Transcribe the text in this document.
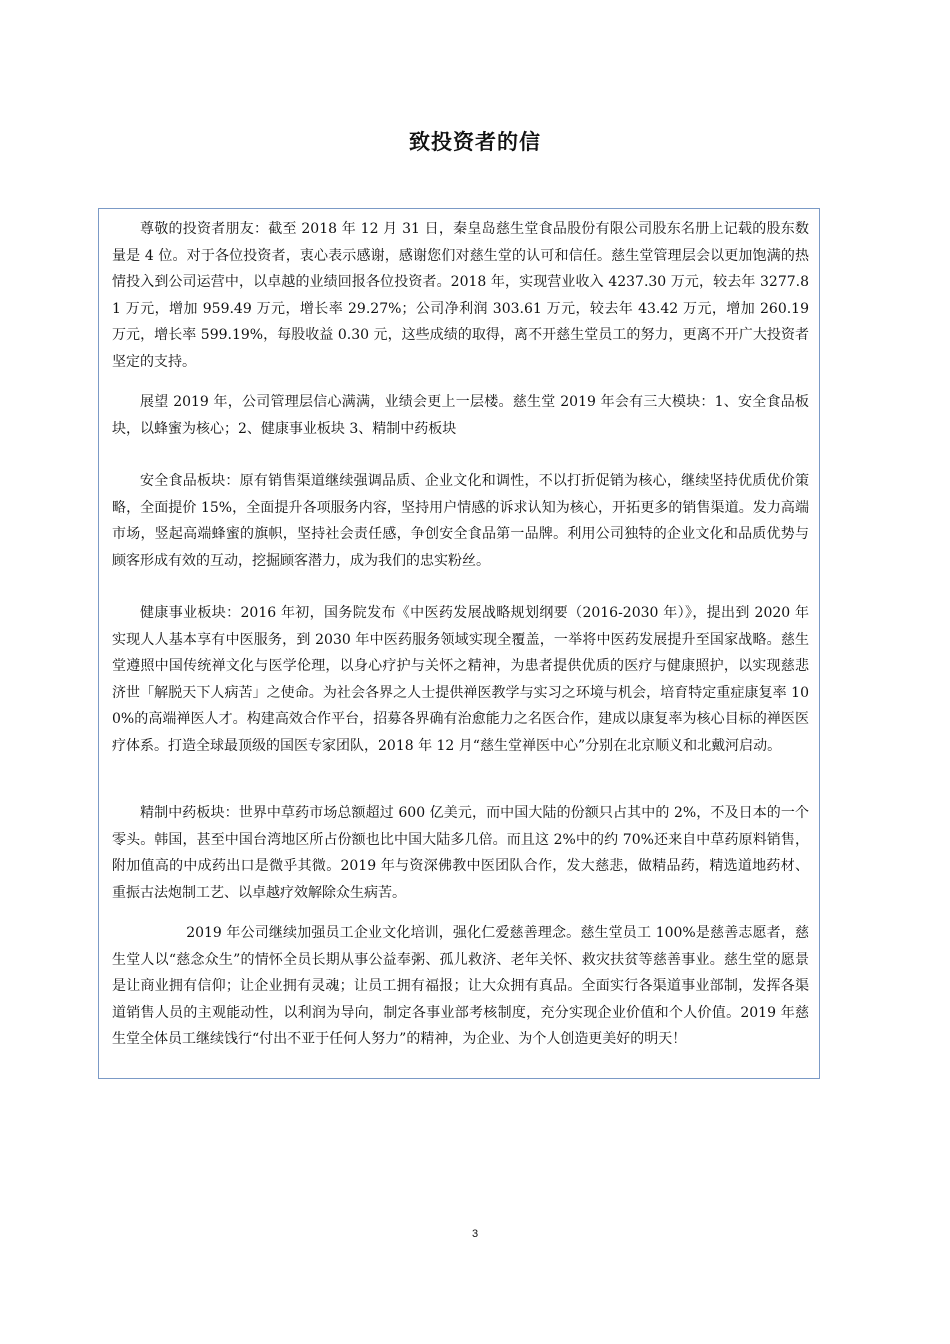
致投资者的信

尊敬的投资者朋友：截至 2018 年 12 月 31 日，秦皇岛慈生堂食品股份有限公司股东名册上记载的股东数量是 4 位。对于各位投资者，衷心表示感谢，感谢您们对慈生堂的认可和信任。慈生堂管理层会以更加饱满的热情投入到公司运营中，以卓越的业绩回报各位投资者。2018 年，实现营业收入 4237.30 万元，较去年 3277.81 万元，增加 959.49 万元，增长率 29.27%；公司净利润 303.61 万元，较去年 43.42 万元，增加 260.19 万元，增长率 599.19%，每股收益 0.30 元，这些成绩的取得，离不开慈生堂员工的努力，更离不开广大投资者坚定的支持。

展望 2019 年，公司管理层信心满满，业绩会更上一层楼。慈生堂 2019 年会有三大模块：1、安全食品板块，以蜂蜜为核心；2、健康事业板块 3、精制中药板块

安全食品板块：原有销售渠道继续强调品质、企业文化和调性，不以打折促销为核心，继续坚持优质优价策略，全面提价 15%，全面提升各项服务内容，坚持用户情感的诉求认知为核心，开拓更多的销售渠道。发力高端市场，竖起高端蜂蜜的旗帜，坚持社会责任感，争创安全食品第一品牌。利用公司独特的企业文化和品质优势与顾客形成有效的互动，挖掘顾客潜力，成为我们的忠实粉丝。

健康事业板块：2016 年初，国务院发布《中医药发展战略规划纲要（2016-2030 年）》，提出到 2020 年实现人人基本享有中医服务，到 2030 年中医药服务领域实现全覆盖，一举将中医药发展提升至国家战略。慈生堂遵照中国传统禅文化与医学伦理，以身心疗护与关怀之精神，为患者提供优质的医疗与健康照护，以实现慈悲济世「解脱天下人病苦」之使命。为社会各界之人士提供禅医教学与实习之环境与机会，培育特定重症康复率 100%的高端禅医人才。构建高效合作平台，招募各界确有治愈能力之名医合作，建成以康复率为核心目标的禅医医疗体系。打造全球最顶级的国医专家团队，2018 年 12 月“慈生堂禅医中心”分别在北京顺义和北戴河启动。

精制中药板块：世界中草药市场总额超过 600 亿美元，而中国大陆的份额只占其中的 2%，不及日本的一个零头。韩国，甚至中国台湾地区所占份额也比中国大陆多几倍。而且这 2%中的约 70%还来自中草药原料销售，附加值高的中成药出口是微乎其微。2019 年与资深佛教中医团队合作，发大慈悲，做精品药，精选道地药材、重振古法炮制工艺、以卓越疗效解除众生病苦。

2019 年公司继续加强员工企业文化培训，强化仁爱慈善理念。慈生堂员工 100%是慈善志愿者，慈生堂人以“慈念众生”的情怀全员长期从事公益奉粥、孤儿救济、老年关怀、救灾扶贫等慈善事业。慈生堂的愿景是让商业拥有信仰；让企业拥有灵魂；让员工拥有福报；让大众拥有真品。全面实行各渠道事业部制，发挥各渠道销售人员的主观能动性，以利润为导向，制定各事业部考核制度，充分实现企业价值和个人价值。2019 年慈生堂全体员工继续饯行“付出不亚于任何人努力”的精神，为企业、为个人创造更美好的明天！

3
